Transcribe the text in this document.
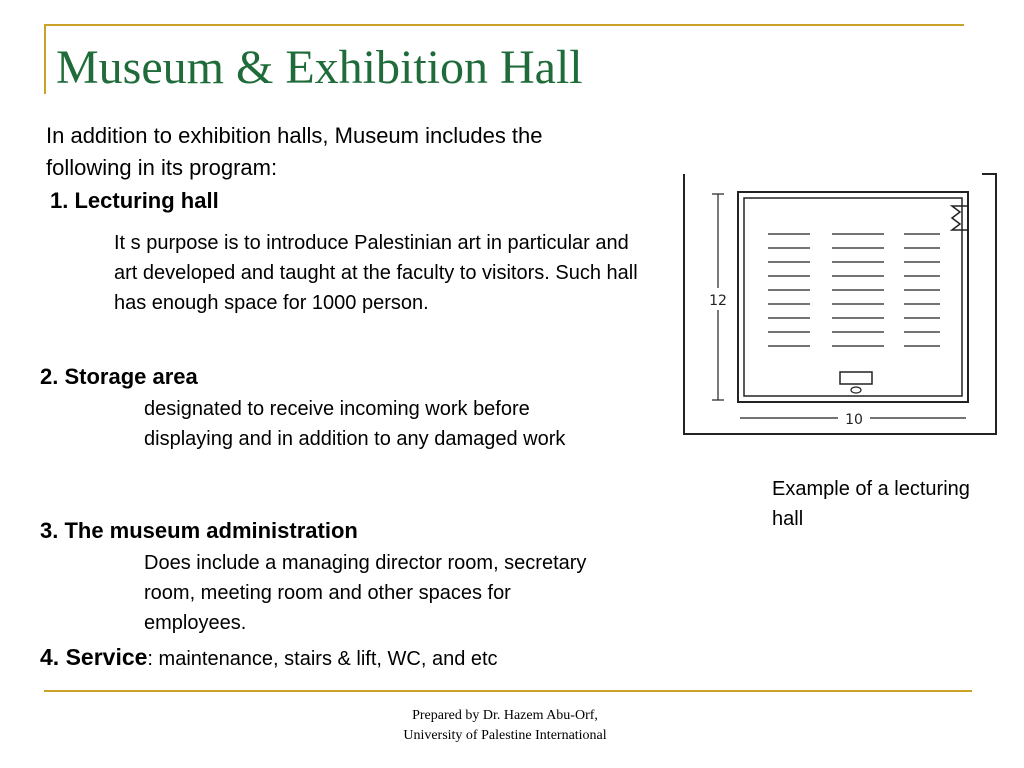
Museum & Exhibition Hall
In addition to exhibition halls, Museum includes the following in its program:
1. Lecturing hall
It s purpose is to introduce Palestinian art in particular and art developed and taught at the faculty to visitors. Such hall has enough space for 1000 person.
2. Storage area
designated to receive incoming work before displaying and in addition to any damaged work
3. The museum administration
Does include a managing director room, secretary room, meeting room and other spaces for employees.
4. Service: maintenance, stairs & lift, WC, and etc
12
10
Example of a lecturing hall
Prepared by Dr. Hazem Abu-Orf,
University of Palestine International
